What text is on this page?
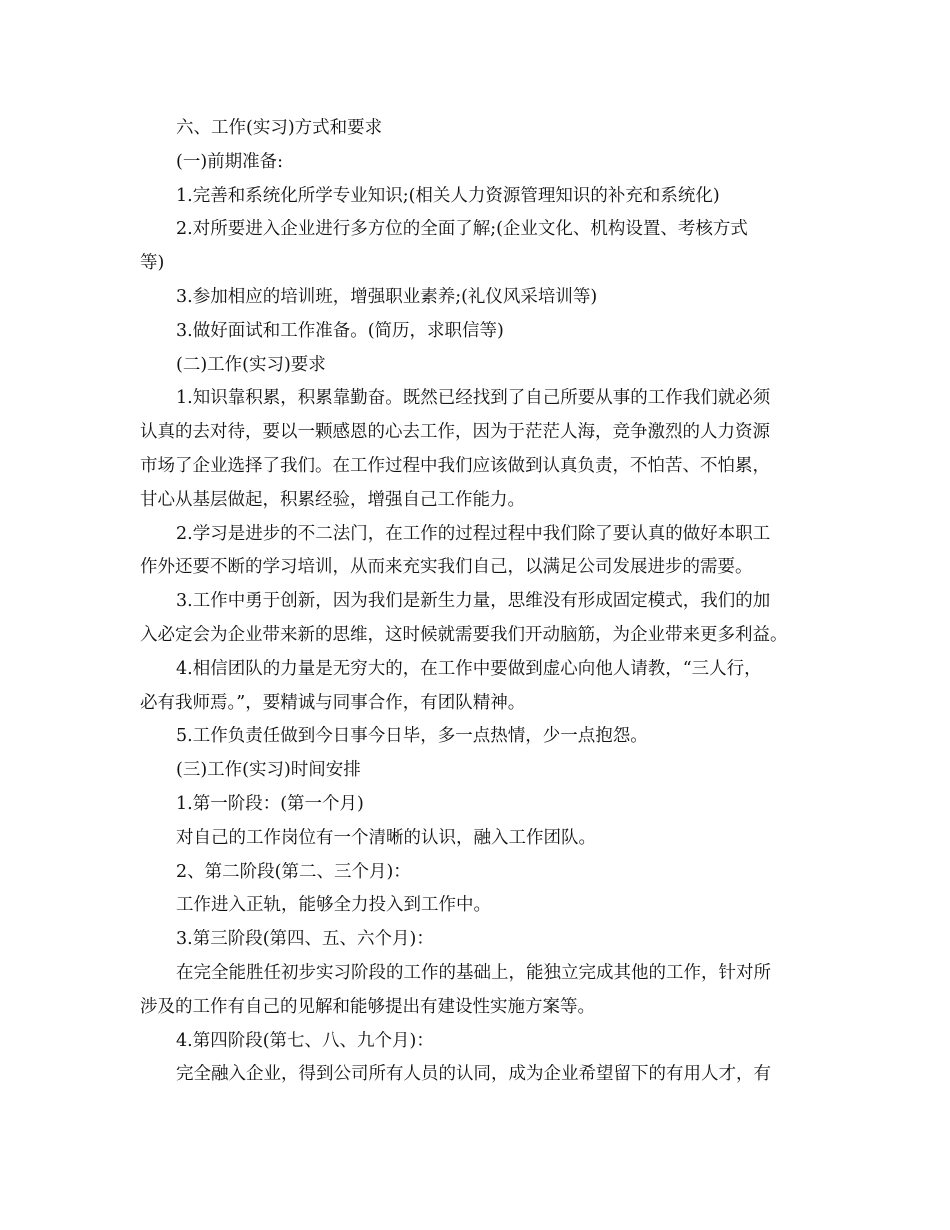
六、工作(实习)方式和要求
(一)前期准备:
1.完善和系统化所学专业知识;(相关人力资源管理知识的补充和系统化)
2.对所要进入企业进行多方位的全面了解;(企业文化、机构设置、考核方式
等)
3.参加相应的培训班，增强职业素养;(礼仪风采培训等)
3.做好面试和工作准备。(简历，求职信等)
(二)工作(实习)要求
1.知识靠积累，积累靠勤奋。既然已经找到了自己所要从事的工作我们就必须
认真的去对待，要以一颗感恩的心去工作，因为于茫茫人海，竞争激烈的人力资源
市场了企业选择了我们。在工作过程中我们应该做到认真负责，不怕苦、不怕累，
甘心从基层做起，积累经验，增强自己工作能力。
2.学习是进步的不二法门，在工作的过程过程中我们除了要认真的做好本职工
作外还要不断的学习培训，从而来充实我们自己，以满足公司发展进步的需要。
3.工作中勇于创新，因为我们是新生力量，思维没有形成固定模式，我们的加
入必定会为企业带来新的思维，这时候就需要我们开动脑筋，为企业带来更多利益。
4.相信团队的力量是无穷大的，在工作中要做到虚心向他人请教，“三人行，
必有我师焉。”，要精诚与同事合作，有团队精神。
5.工作负责任做到今日事今日毕，多一点热情，少一点抱怨。
(三)工作(实习)时间安排
1.第一阶段：(第一个月)
对自己的工作岗位有一个清晰的认识，融入工作团队。
2、第二阶段(第二、三个月)：
工作进入正轨，能够全力投入到工作中。
3.第三阶段(第四、五、六个月)：
在完全能胜任初步实习阶段的工作的基础上，能独立完成其他的工作，针对所
涉及的工作有自己的见解和能够提出有建设性实施方案等。
4.第四阶段(第七、八、九个月)：
完全融入企业，得到公司所有人员的认同，成为企业希望留下的有用人才，有
